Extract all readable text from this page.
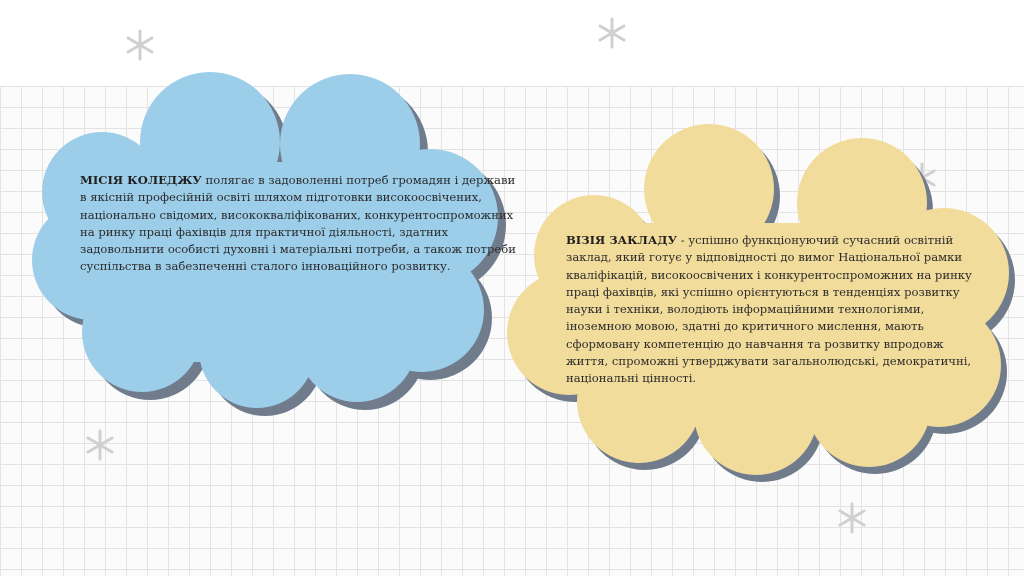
МІСІЯ КОЛЕДЖУ полягає в задоволенні потреб громадян і держави в якісній професійній освіті шляхом підготовки високоосвічених, національно свідомих, висококваліфікованих, конкурентоспроможних на ринку праці фахівців для практичної діяльності, здатних задовольнити особисті духовні і матеріальні потреби, а також потреби суспільства в забезпеченні сталого інноваційного розвитку.
ВІЗІЯ ЗАКЛАДУ - успішно функціонуючий сучасний освітній заклад, який готує у відповідності до вимог Національної рамки кваліфікацій, високоосвічених і конкурентоспроможних на ринку праці фахівців, які успішно орієнтуються в тенденціях розвитку науки і техніки, володіють інформаційними технологіями, іноземною мовою, здатні до критичного мислення, мають сформовану компетенцію до навчання та розвитку впродовж життя, спроможні утверджувати загальнолюдські, демократичні, національні цінності.
